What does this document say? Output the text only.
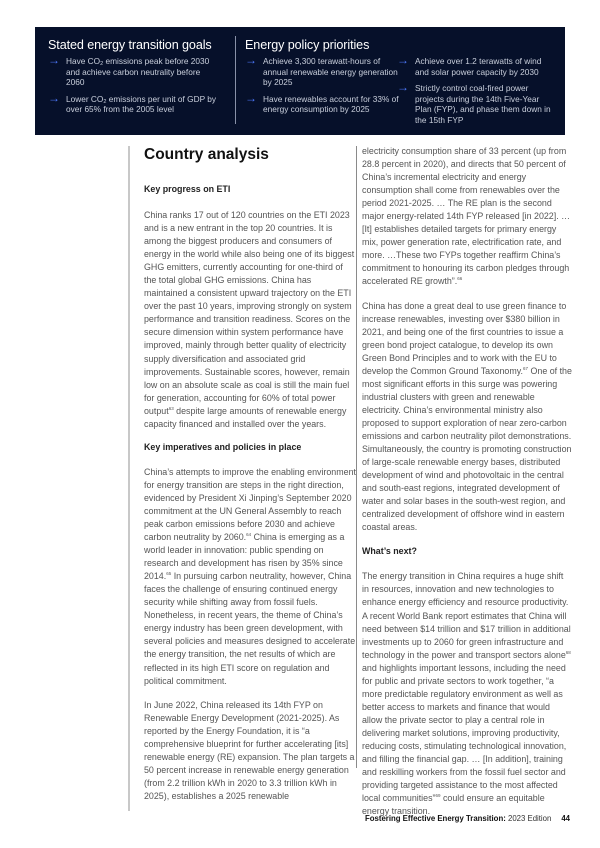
Stated energy transition goals
→ Have $CO_2$ emissions peak before 2030 and achieve carbon neutrality before 2060
→ Lower $CO_2$ emissions per unit of GDP by over 65% from the 2005 level
Energy policy priorities
→ Achieve 3,300 terawatt-hours of annual renewable energy generation by 2025
→ Have renewables account for 33% of energy consumption by 2025
→ Achieve over 1.2 terawatts of wind and solar power capacity by 2030
→ Strictly control coal-fired power projects during the 14th Five-Year Plan (FYP), and phase them down in the 15th FYP
Country analysis
Key progress on ETI

China ranks 17 out of 120 countries on the ETI 2023 and is a new entrant in the top 20 countries. It is among the biggest producers and consumers of energy in the world while also being one of its biggest GHG emitters, currently accounting for one-third of the total global GHG emissions. China has maintained a consistent upward trajectory on the ETI over the past 10 years, improving strongly on system performance and transition readiness. Scores on the secure dimension within system performance have improved, mainly through better quality of electricity supply diversification and associated grid improvements. Sustainable scores, however, remain low on an absolute scale as coal is still the main fuel for generation, accounting for 60% of total power output$^{63}$ despite large amounts of renewable energy capacity financed and installed over the years.

Key imperatives and policies in place

China’s attempts to improve the enabling environment for energy transition are steps in the right direction, evidenced by President Xi Jinping’s September 2020 commitment at the UN General Assembly to reach peak carbon emissions before 2030 and achieve carbon neutrality by 2060.64 China is emerging as a world leader in innovation: public spending on research and development has risen by 35% since 2014.65 In pursuing carbon neutrality, however, China faces the challenge of ensuring continued energy security while shifting away from fossil fuels. Nonetheless, in recent years, the theme of China’s energy industry has been green development, with several policies and measures designed to accelerate the energy transition, the net results of which are reflected in its high ETI score on regulation and political commitment.

In June 2022, China released its 14th FYP on Renewable Energy Development (2021-2025). As reported by the Energy Foundation, it is “a comprehensive blueprint for further accelerating [its] renewable energy (RE) expansion. The plan targets a 50 percent increase in renewable energy generation (from 2.2 trillion kWh in 2020 to 3.3 trillion kWh in 2025), establishes a 2025 renewable

electricity consumption share of 33 percent (up from 28.8 percent in 2020), and directs that 50 percent of China’s incremental electricity and energy consumption shall come from renewables over the period 2021-2025. … The RE plan is the second major energy-related 14th FYP released [in 2022]. … [It] establishes detailed targets for primary energy mix, power generation rate, electrification rate, and more. …These two FYPs together reaffirm China’s commitment to honouring its carbon pledges through accelerated RE growth”.$^{66}$

China has done a great deal to use green finance to increase renewables, investing over $380 billion in 2021, and being one of the first countries to issue a green bond project catalogue, to develop its own Green Bond Principles and to work with the EU to develop the Common Ground Taxonomy.$^{67}$ One of the most significant efforts in this surge was powering industrial clusters with green and renewable electricity. China’s environmental ministry also proposed to support exploration of near zero-carbon emissions and carbon neutrality pilot demonstrations. Simultaneously, the country is promoting construction of large-scale renewable energy bases, distributed development of wind and photovoltaic in the central and south-east regions, integrated development of water and solar bases in the south-west region, and centralized development of offshore wind in eastern coastal areas.

What’s next?

The energy transition in China requires a huge shift in resources, innovation and new technologies to enhance energy efficiency and resource productivity. A recent World Bank report estimates that China will need between $14 trillion and $17 trillion in additional investments up to 2060 for green infrastructure and technology in the power and transport sectors alone$^{68}$ and highlights important lessons, including the need for public and private sectors to work together, “a more predictable regulatory environment as well as better access to markets and finance that would allow the private sector to play a central role in delivering market solutions, improving productivity, reducing costs, stimulating technological innovation, and filling the financial gap. … [In addition], training and reskilling workers from the fossil fuel sector and providing targeted assistance to the most affected local communities”$^{69}$ could ensure an equitable energy transition.

Fostering Effective Energy Transition: 2023 Edition 44
